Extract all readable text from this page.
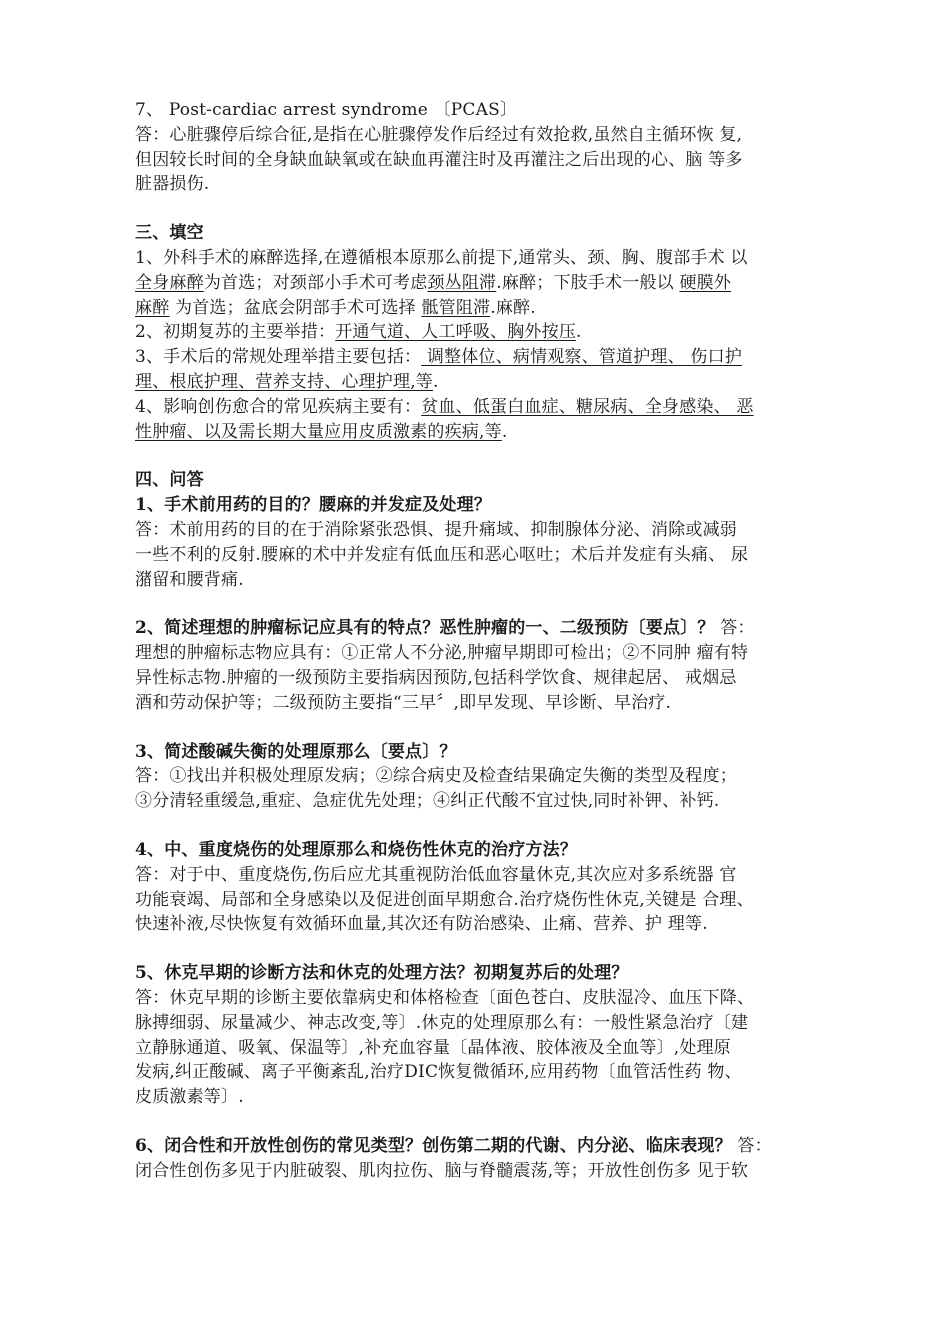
7、 Post-cardiac arrest syndrome 〔PCAS〕
答：心脏骤停后综合征,是指在心脏骤停发作后经过有效抢救,虽然自主循环恢 复,
但因较长时间的全身缺血缺氧或在缺血再灌注时及再灌注之后出现的心、脑 等多
脏器损伤.
三、填空
1、外科手术的麻醉选择,在遵循根本原那么前提下,通常头、颈、胸、腹部手术 以
全身麻醉为首选；对颈部小手术可考虑颈丛阻滞.麻醉；下肢手术一般以 硬膜外
麻醉 为首选；盆底会阴部手术可选择 骶管阻滞.麻醉.
2、初期复苏的主要举措：开通气道、人工呼吸、胸外按压.
3、手术后的常规处理举措主要包括： 调整体位、病情观察、管道护理、 伤口护
理、根底护理、营养支持、心理护理,等.
4、影响创伤愈合的常见疾病主要有：贫血、低蛋白血症、糖尿病、全身感染、 恶
性肿瘤、以及需长期大量应用皮质激素的疾病,等.
四、问答
1、手术前用药的目的？腰麻的并发症及处理？
答：术前用药的目的在于消除紧张恐惧、提升痛域、抑制腺体分泌、消除或减弱
一些不利的反射.腰麻的术中并发症有低血压和恶心呕吐；术后并发症有头痛、 尿
潴留和腰背痛.
2、简述理想的肿瘤标记应具有的特点？恶性肿瘤的一、二级预防〔要点〕？ 答：
理想的肿瘤标志物应具有：①正常人不分泌,肿瘤早期即可检出；②不同肿 瘤有特
异性标志物.肿瘤的一级预防主要指病因预防,包括科学饮食、规律起居、 戒烟忌
酒和劳动保护等；二级预防主要指“三早〞,即早发现、早诊断、早治疗.
3、简述酸碱失衡的处理原那么〔要点〕？
答：①找出并积极处理原发病；②综合病史及检查结果确定失衡的类型及程度；
③分清轻重缓急,重症、急症优先处理；④纠正代酸不宜过快,同时补钾、补钙.
4、中、重度烧伤的处理原那么和烧伤性休克的治疗方法？
答：对于中、重度烧伤,伤后应尤其重视防治低血容量休克,其次应对多系统器 官
功能衰竭、局部和全身感染以及促进创面早期愈合.治疗烧伤性休克,关键是 合理、
快速补液,尽快恢复有效循环血量,其次还有防治感染、止痛、营养、护 理等.
5、休克早期的诊断方法和休克的处理方法？初期复苏后的处理？
答：休克早期的诊断主要依靠病史和体格检查〔面色苍白、皮肤湿冷、血压下降、
脉搏细弱、尿量减少、神志改变,等〕.休克的处理原那么有：一般性紧急治疗〔建
立静脉通道、吸氧、保温等〕,补充血容量〔晶体液、胶体液及全血等〕,处理原
发病,纠正酸碱、离子平衡紊乱,治疗DIC恢复微循环,应用药物〔血管活性药 物、
皮质激素等〕.
6、闭合性和开放性创伤的常见类型？创伤第二期的代谢、内分泌、临床表现？ 答：
闭合性创伤多见于内脏破裂、肌肉拉伤、脑与脊髓震荡,等；开放性创伤多 见于软
